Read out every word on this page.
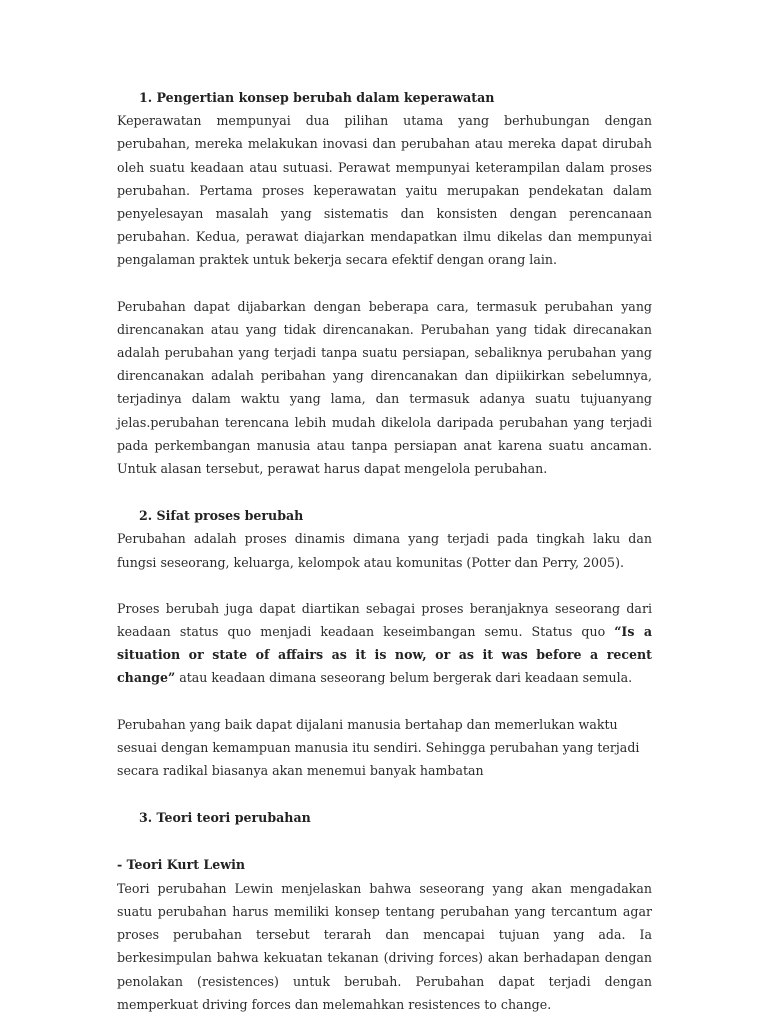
1. Pengertian konsep berubah dalam keperawatan

Keperawatan mempunyai dua pilihan utama yang berhubungan dengan perubahan, mereka melakukan inovasi dan perubahan atau mereka dapat dirubah oleh suatu keadaan atau sutuasi. Perawat mempunyai keterampilan dalam proses perubahan. Pertama proses keperawatan yaitu merupakan pendekatan dalam penyelesayan masalah yang sistematis dan konsisten dengan perencanaan perubahan. Kedua, perawat diajarkan mendapatkan ilmu dikelas dan mempunyai pengalaman praktek untuk bekerja secara efektif dengan orang lain.

Perubahan dapat dijabarkan dengan beberapa cara, termasuk perubahan yang direncanakan atau yang tidak direncanakan. Perubahan yang tidak direcanakan adalah perubahan yang terjadi tanpa suatu persiapan, sebaliknya perubahan yang direncanakan adalah peribahan yang direncanakan dan dipiikirkan sebelumnya, terjadinya dalam waktu yang lama, dan termasuk adanya suatu tujuanyang jelas.perubahan terencana lebih mudah dikelola daripada perubahan yang terjadi pada perkembangan manusia atau tanpa persiapan anat karena suatu ancaman. Untuk alasan tersebut, perawat harus dapat mengelola perubahan.

2. Sifat proses berubah

Perubahan adalah proses dinamis dimana yang terjadi pada tingkah laku dan fungsi seseorang, keluarga, kelompok atau komunitas (Potter dan Perry, 2005).

Proses berubah juga dapat diartikan sebagai proses beranjaknya seseorang dari keadaan status quo menjadi keadaan keseimbangan semu. Status quo “Is a situation or state of affairs as it is now, or as it was before a recent change” atau keadaan dimana seseorang belum bergerak dari keadaan semula.

Perubahan yang baik dapat dijalani manusia bertahap dan memerlukan waktu sesuai dengan kemampuan manusia itu sendiri. Sehingga perubahan yang terjadi secara radikal biasanya akan menemui banyak hambatan

3. Teori teori perubahan
- Teori Kurt Lewin

Teori perubahan Lewin menjelaskan bahwa seseorang yang akan mengadakan suatu perubahan harus memiliki konsep tentang perubahan yang tercantum agar proses perubahan tersebut terarah dan mencapai tujuan yang ada. Ia berkesimpulan bahwa kekuatan tekanan (driving forces) akan berhadapan dengan penolakan (resistences) untuk berubah. Perubahan dapat terjadi dengan memperkuat driving forces dan melemahkan resistences to change.
